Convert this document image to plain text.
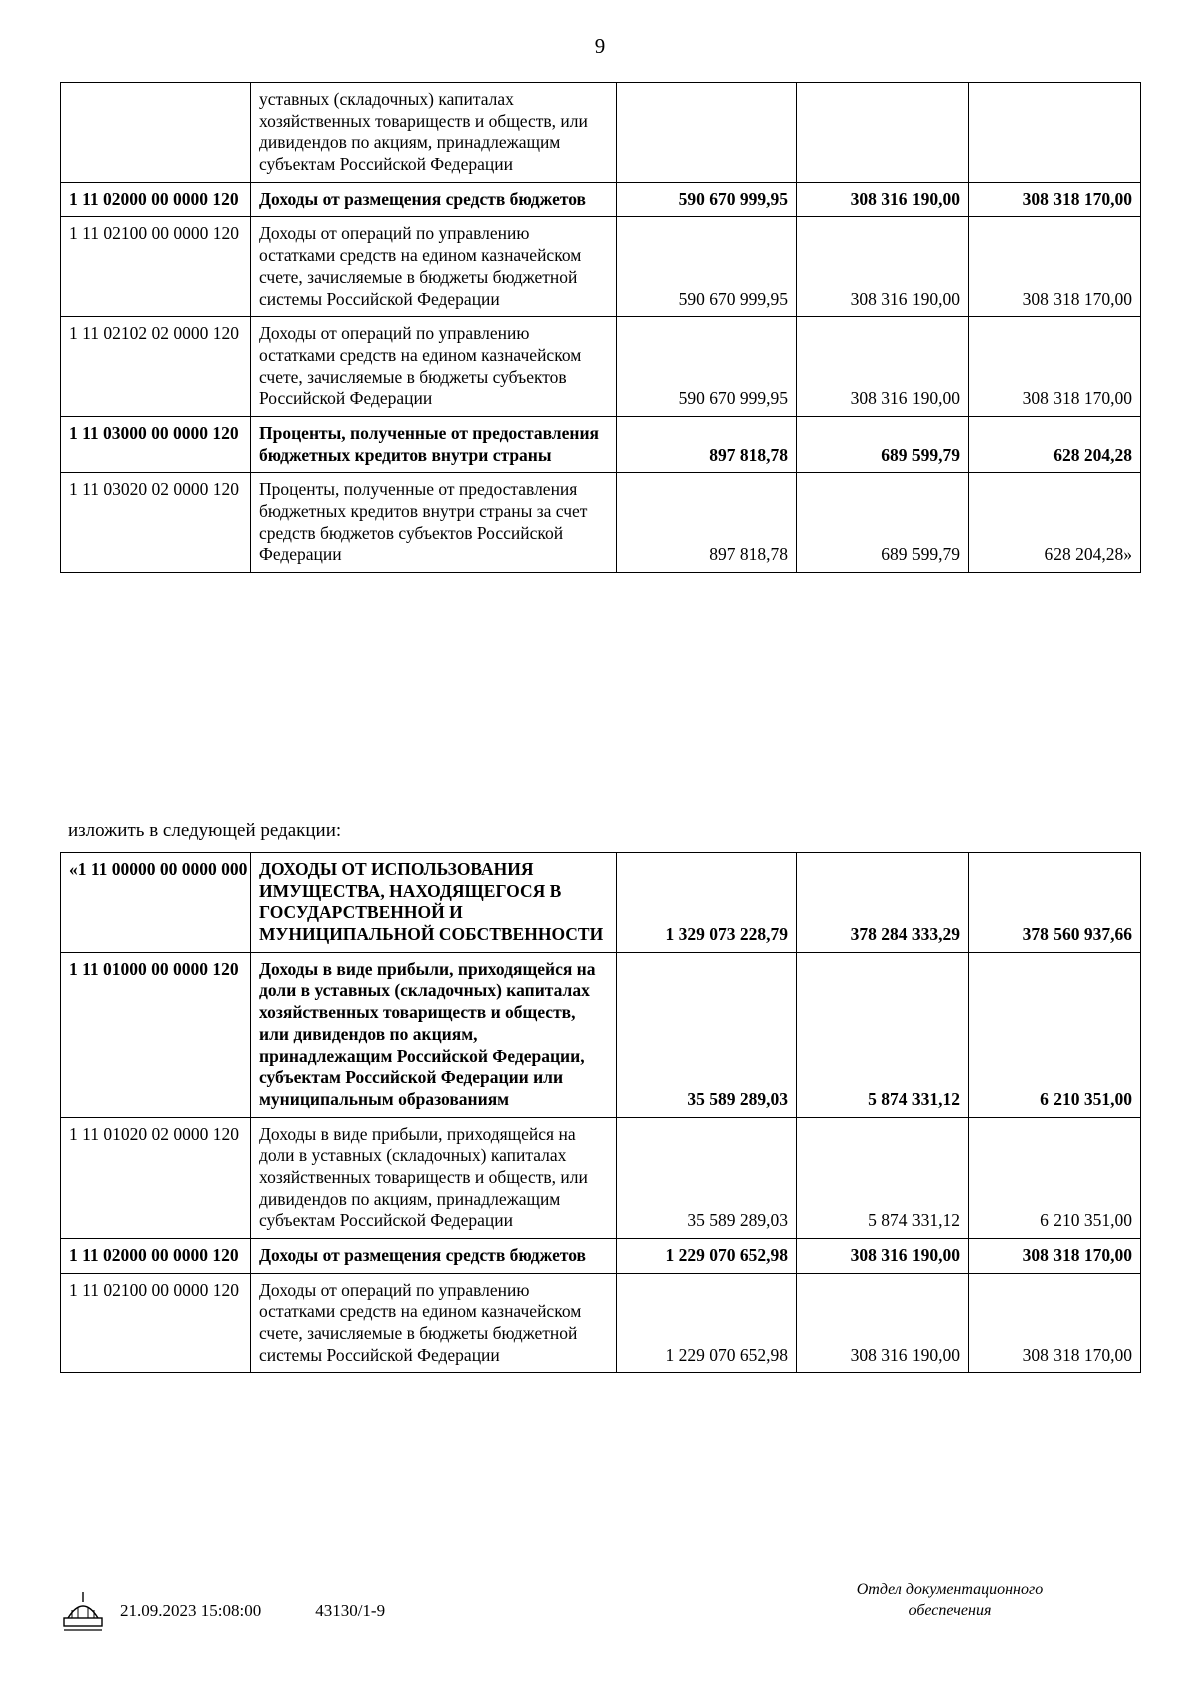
9
	уставных (складочных) капиталах хозяйственных товариществ и обществ, или дивидендов по акциям, принадлежащим субъектам Российской Федерации			
1 11 02000 00 0000 120	Доходы от размещения средств бюджетов	590 670 999,95	308 316 190,00	308 318 170,00
1 11 02100 00 0000 120	Доходы от операций по управлению остатками средств на едином казначейском счете, зачисляемые в бюджеты бюджетной системы Российской Федерации	590 670 999,95	308 316 190,00	308 318 170,00
1 11 02102 02 0000 120	Доходы от операций по управлению остатками средств на едином казначейском счете, зачисляемые в бюджеты субъектов Российской Федерации	590 670 999,95	308 316 190,00	308 318 170,00
1 11 03000 00 0000 120	Проценты, полученные от предоставления бюджетных кредитов внутри страны	897 818,78	689 599,79	628 204,28
1 11 03020 02 0000 120	Проценты, полученные от предоставления бюджетных кредитов внутри страны за счет средств бюджетов субъектов Российской Федерации	897 818,78	689 599,79	628 204,28»
изложить в следующей редакции:
«1 11 00000 00 0000 000	ДОХОДЫ ОТ ИСПОЛЬЗОВАНИЯ ИМУЩЕСТВА, НАХОДЯЩЕГОСЯ В ГОСУДАРСТВЕННОЙ И МУНИЦИПАЛЬНОЙ СОБСТВЕННОСТИ	1 329 073 228,79	378 284 333,29	378 560 937,66
1 11 01000 00 0000 120	Доходы в виде прибыли, приходящейся на доли в уставных (складочных) капиталах хозяйственных товариществ и обществ, или дивидендов по акциям, принадлежащим Российской Федерации, субъектам Российской Федерации или муниципальным образованиям	35 589 289,03	5 874 331,12	6 210 351,00
1 11 01020 02 0000 120	Доходы в виде прибыли, приходящейся на доли в уставных (складочных) капиталах хозяйственных товариществ и обществ, или дивидендов по акциям, принадлежащим субъектам Российской Федерации	35 589 289,03	5 874 331,12	6 210 351,00
1 11 02000 00 0000 120	Доходы от размещения средств бюджетов	1 229 070 652,98	308 316 190,00	308 318 170,00
1 11 02100 00 0000 120	Доходы от операций по управлению остатками средств на едином казначейском счете, зачисляемые в бюджеты бюджетной системы Российской Федерации	1 229 070 652,98	308 316 190,00	308 318 170,00
21.09.2023 15:08:00	43130/1-9
Отдел документационного
обеспечения
